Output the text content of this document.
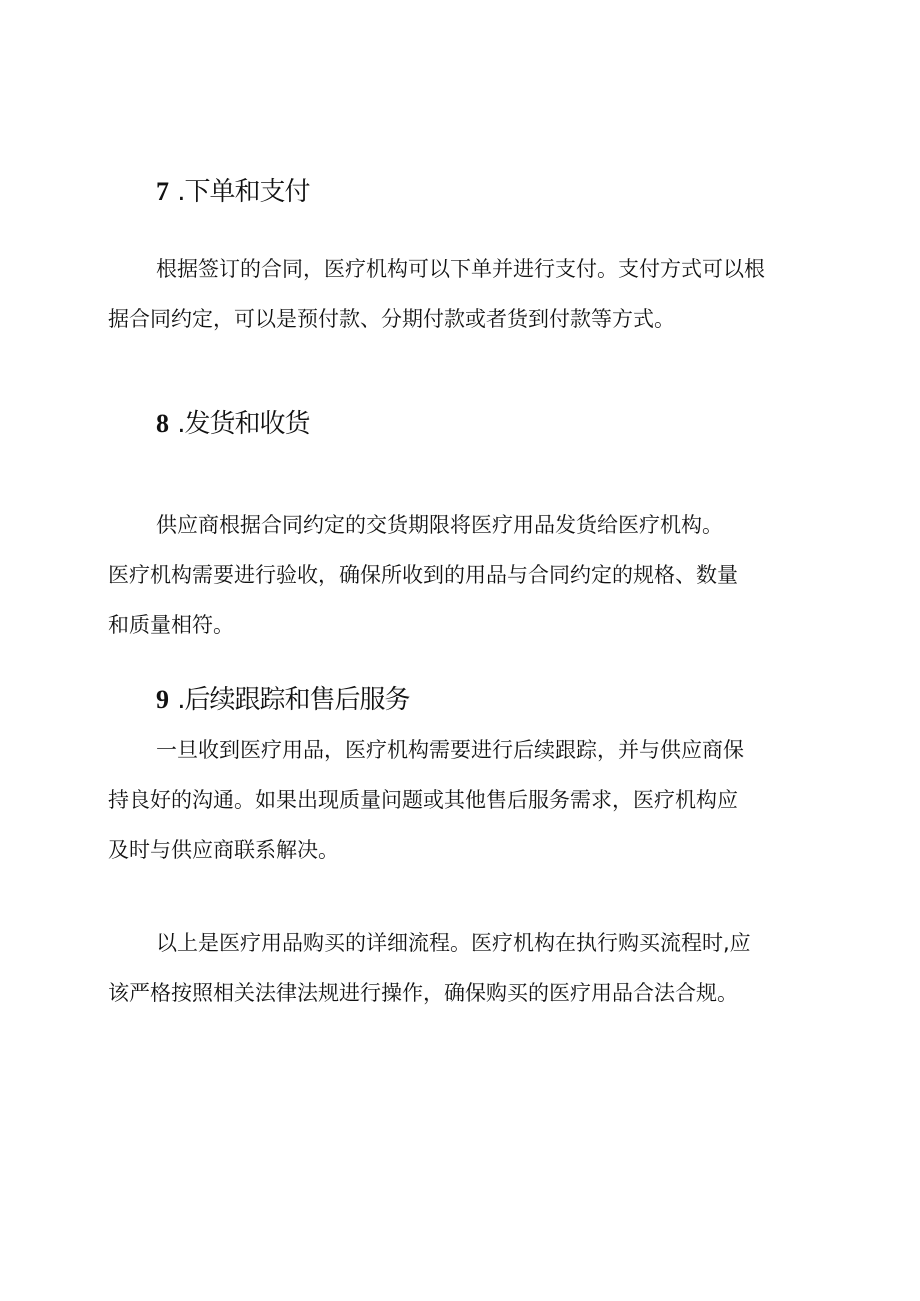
7 .下单和支付

根据签订的合同，医疗机构可以下单并进行支付。支付方式可以根
据合同约定，可以是预付款、分期付款或者货到付款等方式。

8 .发货和收货

供应商根据合同约定的交货期限将医疗用品发货给医疗机构。
医疗机构需要进行验收，确保所收到的用品与合同约定的规格、数量
和质量相符。

9 .后续跟踪和售后服务

一旦收到医疗用品，医疗机构需要进行后续跟踪，并与供应商保
持良好的沟通。如果出现质量问题或其他售后服务需求，医疗机构应
及时与供应商联系解决。

以上是医疗用品购买的详细流程。医疗机构在执行购买流程时,应
该严格按照相关法律法规进行操作，确保购买的医疗用品合法合规。
